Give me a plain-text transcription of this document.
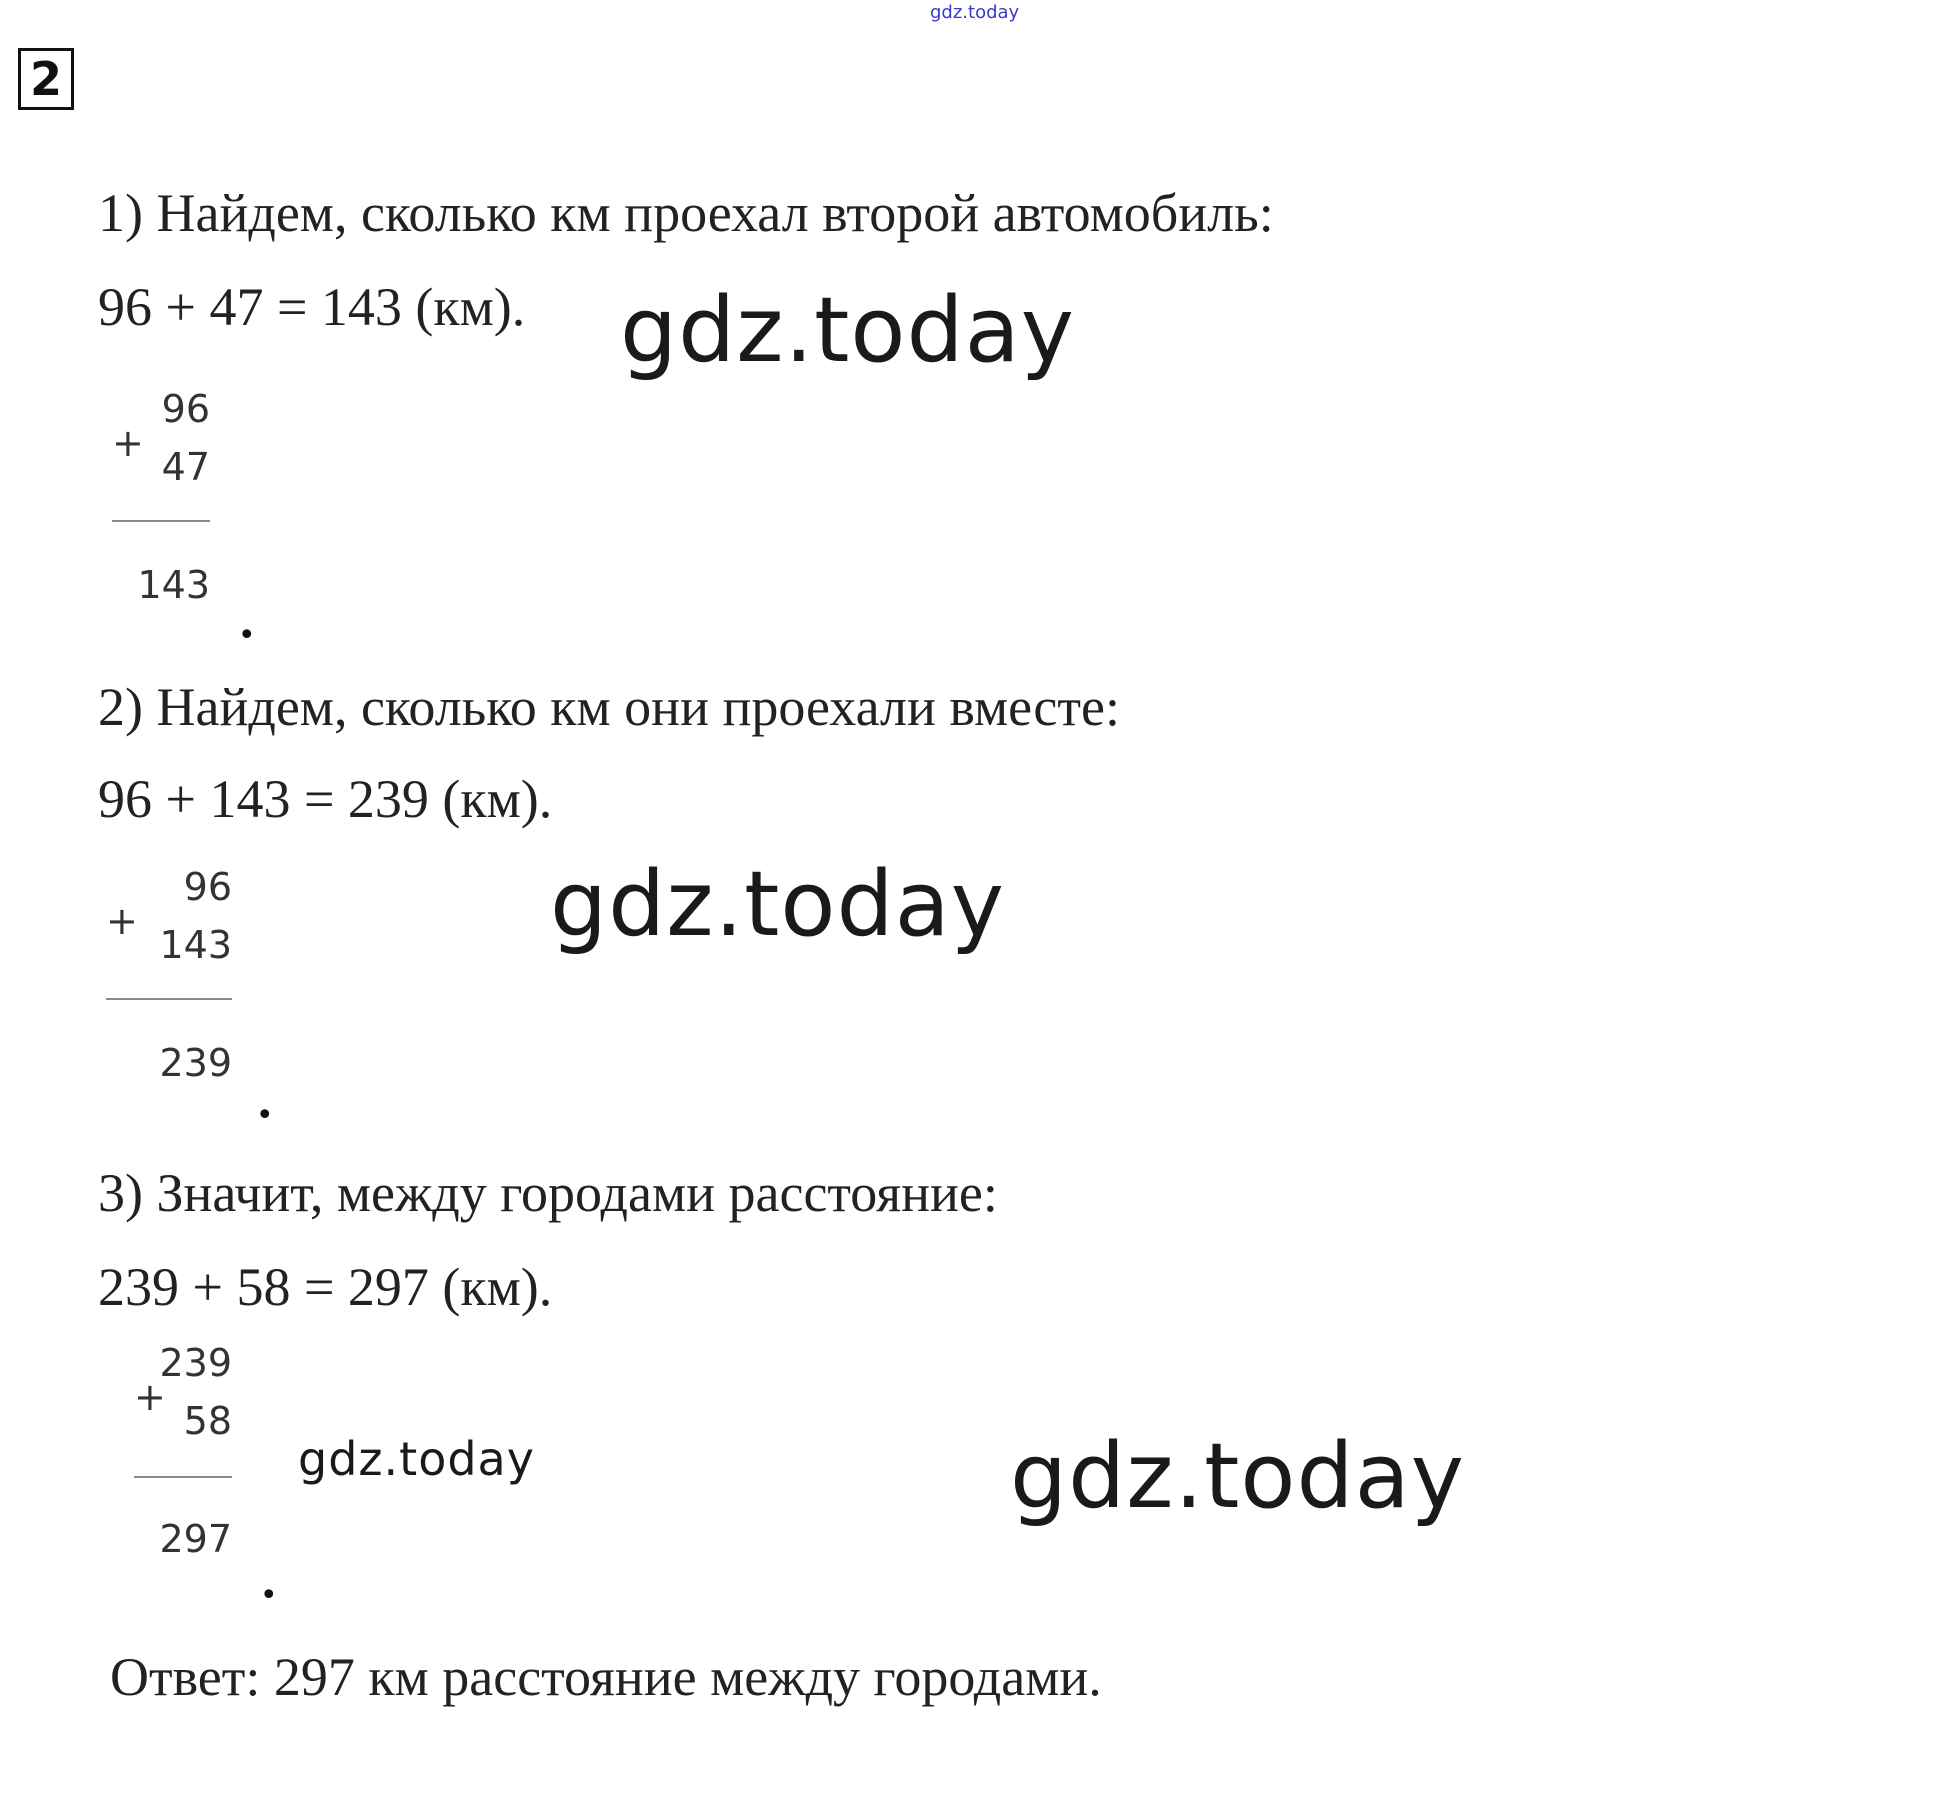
gdz.today
2
1) Найдем, сколько км проехал второй автомобиль:
96 + 47 = 143 (км).
96
+
47
143
.
2) Найдем, сколько км они проехали вместе:
96 + 143 = 239 (км).
96
+
143
239
.
3) Значит, между городами расстояние:
239 + 58 = 297 (км).
239
+
58
297
.
Ответ: 297 км расстояние между городами.
gdz.today
gdz.today
gdz.today	gdz.today
